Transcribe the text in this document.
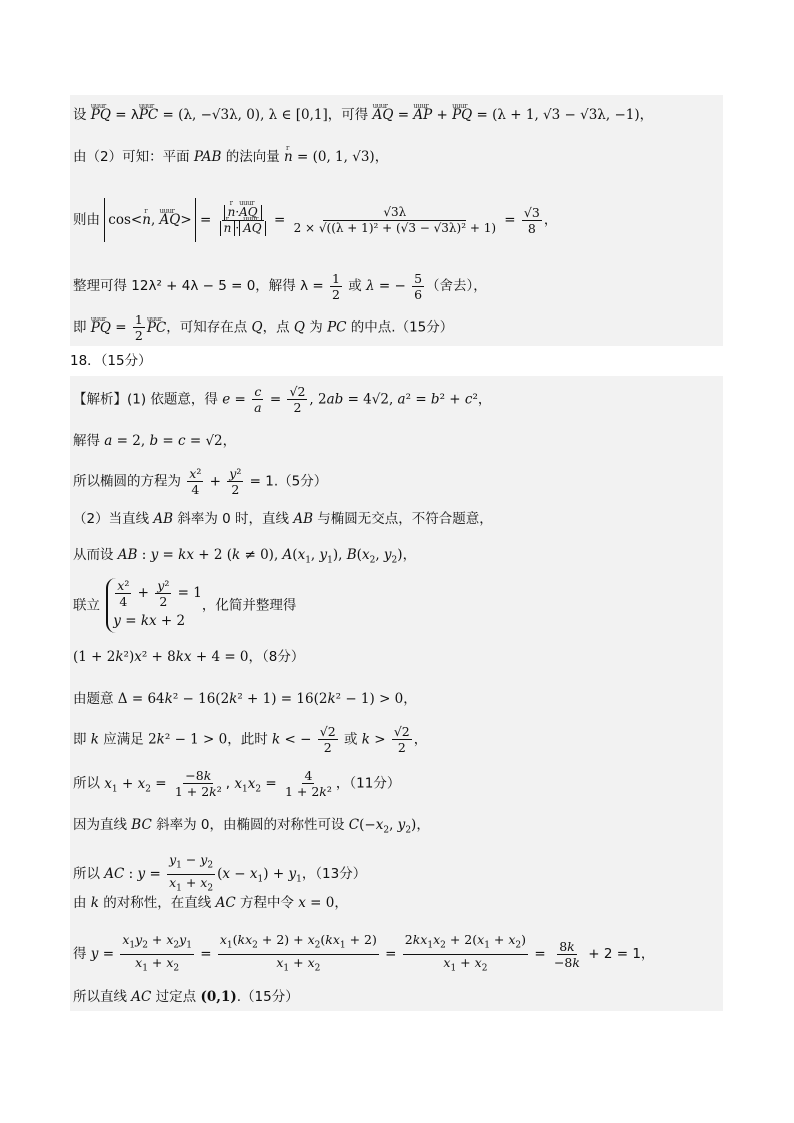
设 uuur PQ = λuuur PC = (λ, −√3λ, 0), λ ∈ [0,1]，可得 uuur AQ = uuur AP + uuur PQ = (λ + 1, √3 − √3λ, −1)，
由（2）可知：平面 PAB 的法向量 r n = (0, 1, √3)，
则由 cos<r n, uuur AQ> = r n·uuur AQ
r n · uuur AQ = $\frac{√3\lambda}{\text{2 × √((λ + 1)² + (√3 − √3λ)² + 1)}} = \frac{√3}{8}$ ，
整理可得 12λ² + 4λ − 5 = 0，解得 $\lambda = \frac{1}{2}$ 或 λ = − $\frac{5}{6}$ （舍去），
即 uuur PQ = $\frac{1}{2}$ uuur PC，可知存在点 Q，点 Q 为 PC 的中点.（15分）
18．（15分）
【解析】(1) 依题意，得 $e = \frac{c}{a} = \frac{√2}{2}$ , 2ab = 4√2, a² = b² + c²，
解得 a = 2, b = c = √2，
所以椭圆的方程为 $\frac{\text{x²}}{4} + \frac{\text{y²}}{2} = 1.(5$分）
（2）当直线 AB 斜率为 0 时，直线 AB 与椭圆无交点，不符合题意，
从而设 AB : y = kx + 2 (k ≠ 0), $A(x_1$, $y_1$), $B(x_2$, $y_2$)，
联立 $\frac{\text{x²}}{4} + \frac{\text{y²}}{2} = 1$
y = kx + 2
，化简并整理得
(1 + 2k²)x² + 8kx + 4 = 0，（8分）
由题意 Δ = 64k² − 16(2k² + 1) = 16(2k² − 1) > 0，
即 k 应满足 2k² − 1 > 0，此时 k < − $\frac{√2}{2}$ 或 $k > \frac{√2}{2}$ ，
所以 $x_1 + x_2 = \frac{-8k}{\text{1 + 2k²}}$ , $x_1x_2 = \frac{4}{\text{1 + 2k²}}$ ，（11分）
因为直线 BC 斜率为 0，由椭圆的对称性可设 $C(-x_2$, $y_2$)，
所以 AC : $y = \frac{y_1 - y_2}{x_1 + x_2} (x - x_1) + y_1$，（13分）
由 k 的对称性，在直线 AC 方程中令 x = 0，
得 $y = \frac{x_1y_2 + x_2y_1}{x_1 + x_2} = \frac{x_1(kx_2 + 2) + x_2(kx_1 + 2)}{x_1 + x_2} = \frac{2kx_1x_2 + 2(x_1 + x_2)}{x_1 + x_2} = \frac{8k}{-8k} + 2 = 1$，
所以直线 AC 过定点 (0,1).（15分）
